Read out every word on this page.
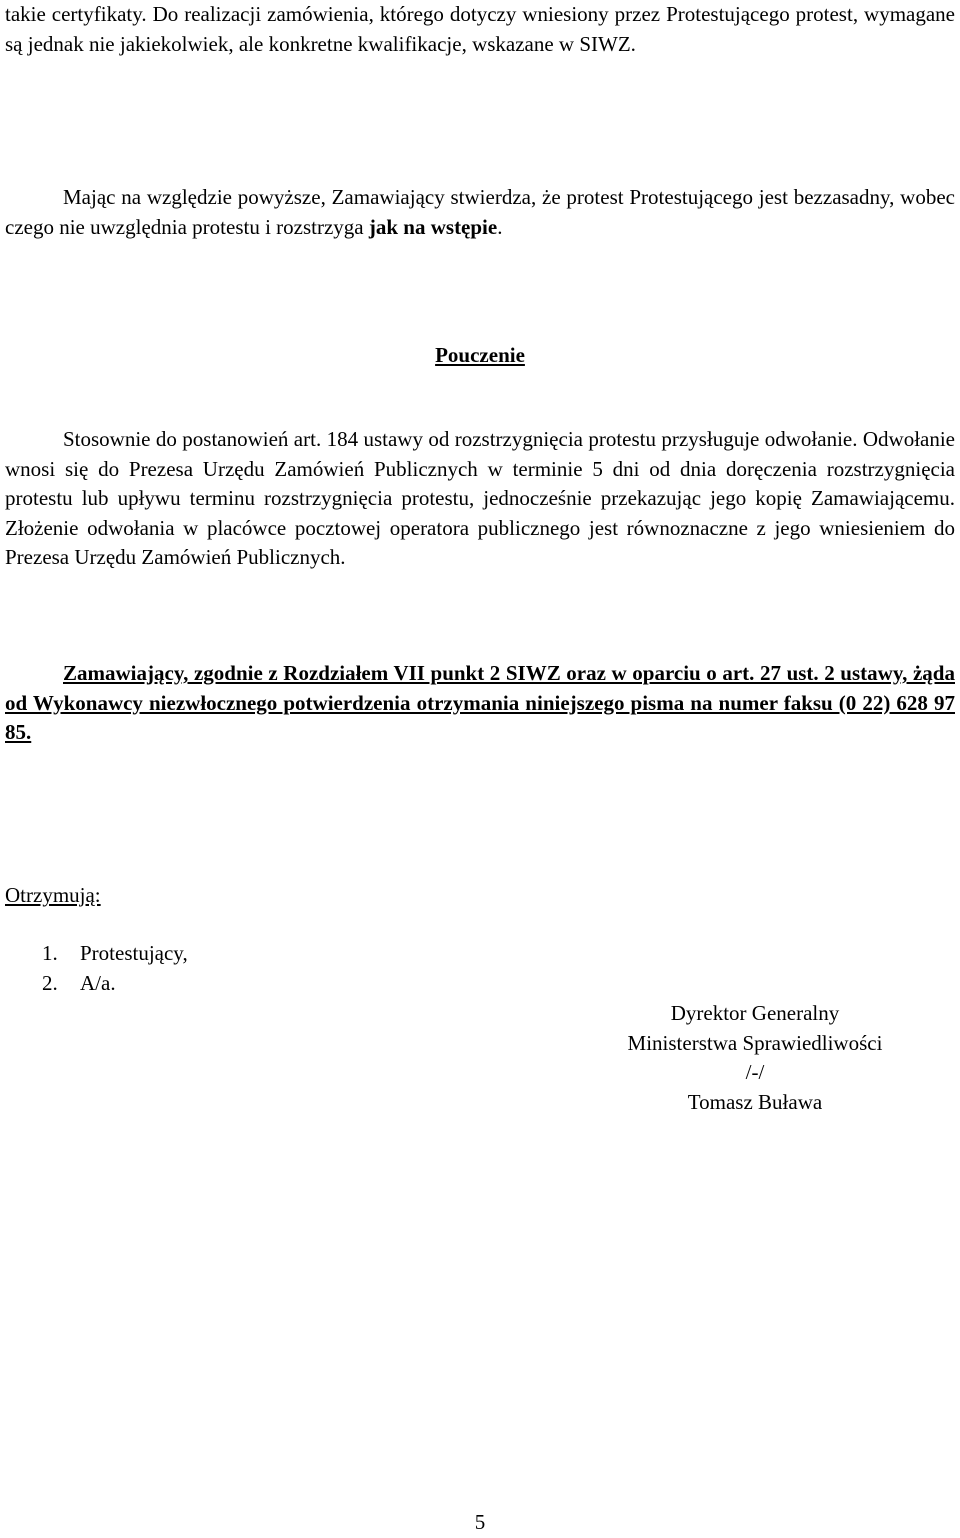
takie certyfikaty. Do realizacji zamówienia, którego dotyczy wniesiony przez Protestującego protest, wymagane są jednak nie jakiekolwiek, ale konkretne kwalifikacje, wskazane w SIWZ.

Mając na względzie powyższe, Zamawiający stwierdza, że protest Protestującego jest bezzasadny, wobec czego nie uwzględnia protestu i rozstrzyga jak na wstępie.

Pouczenie

Stosownie do postanowień art. 184 ustawy od rozstrzygnięcia protestu przysługuje odwołanie. Odwołanie wnosi się do Prezesa Urzędu Zamówień Publicznych w terminie 5 dni od dnia doręczenia rozstrzygnięcia protestu lub upływu terminu rozstrzygnięcia protestu, jednocześnie przekazując jego kopię Zamawiającemu. Złożenie odwołania w placówce pocztowej operatora publicznego jest równoznaczne z jego wniesieniem do Prezesa Urzędu Zamówień Publicznych.

Zamawiający, zgodnie z Rozdziałem VII punkt 2 SIWZ oraz w oparciu o art. 27 ust. 2 ustawy, żąda od Wykonawcy niezwłocznego potwierdzenia otrzymania niniejszego pisma na numer faksu (0 22) 628 97 85.

Otrzymują:
1.	Protestujący,
2.	A/a.
Dyrektor Generalny
Ministerstwa Sprawiedliwości
/-/
Tomasz Buława
5
